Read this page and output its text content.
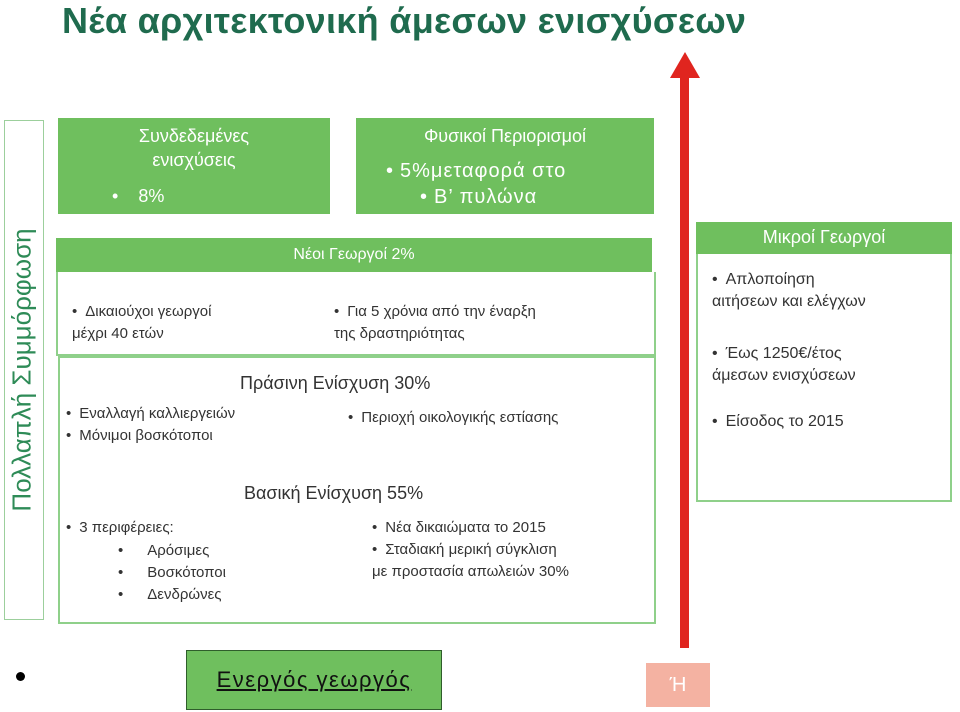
Νέα αρχιτεκτονική άμεσων ενισχύσεων
Πολλαπλή Συμμόρφωση	Βασική Ενίσχυση 55%
• 3 περιφέρειες:
• Αρόσιμες
• Βοσκότοποι
• Δενδρώνες
• Νέα δικαιώματα το 2015
• Σταδιακή μερική σύγκλιση
με προστασία απωλειών 30%
Πράσινη Ενίσχυση 30%
• Εναλλαγή καλλιεργειών
• Μόνιμοι βοσκότοποι
• Περιοχή οικολογικής εστίασης
Νέοι Γεωργοί 2%
• Δικαιούχοι γεωργοί
μέχρι 40 ετών
• Για 5 χρόνια από την έναρξη
της δραστηριότητας
Συνδεδεμένες
ενισχύσεις
• 8%
Φυσικοί Περιορισμοί
• 5%μεταφορά στο
• Β’ πυλώνα
Μικροί Γεωργοί
• Απλοποίηση
αιτήσεων και ελέγχων
• Έως 1250€/έτος
άμεσων ενισχύσεων
• Είσοδος το 2015
Ενεργός γεωργός	Ή
